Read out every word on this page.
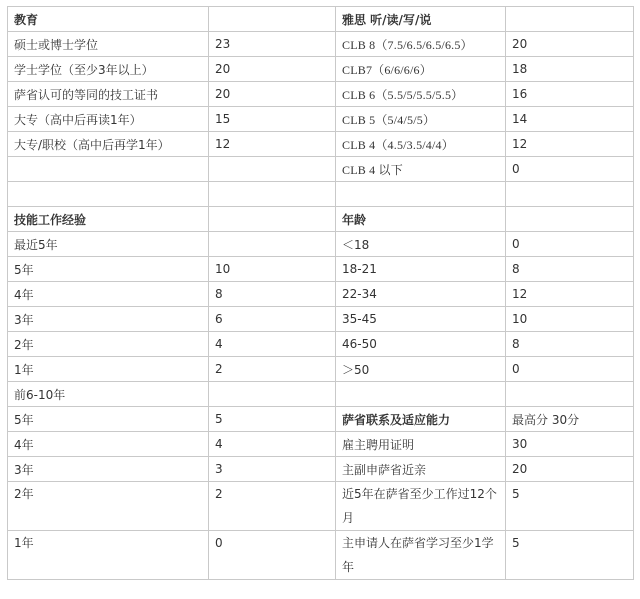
教育		雅思 听/读/写/说	
硕士或博士学位	23	CLB 8（7.5/6.5/6.5/6.5）	20
学士学位（至少3年以上）	20	CLB7（6/6/6/6）	18
萨省认可的等同的技工证书	20	CLB 6（5.5/5/5.5/5.5）	16
大专（高中后再读1年）	15	CLB 5（5/4/5/5）	14
大专/职校（高中后再学1年）	12	CLB 4（4.5/3.5/4/4）	12
		CLB 4 以下	0

技能工作经验		年龄	
最近5年		＜18	0
5年	10	18-21	8
4年	8	22-34	12
3年	6	35-45	10
2年	4	46-50	8
1年	2	＞50	0
前6-10年			
5年	5	萨省联系及适应能力	最高分 30分
4年	4	雇主聘用证明	30
3年	3	主副申萨省近亲	20
2年	2	近5年在萨省至少工作过12个月	5
1年	0	主申请人在萨省学习至少1学年	5
